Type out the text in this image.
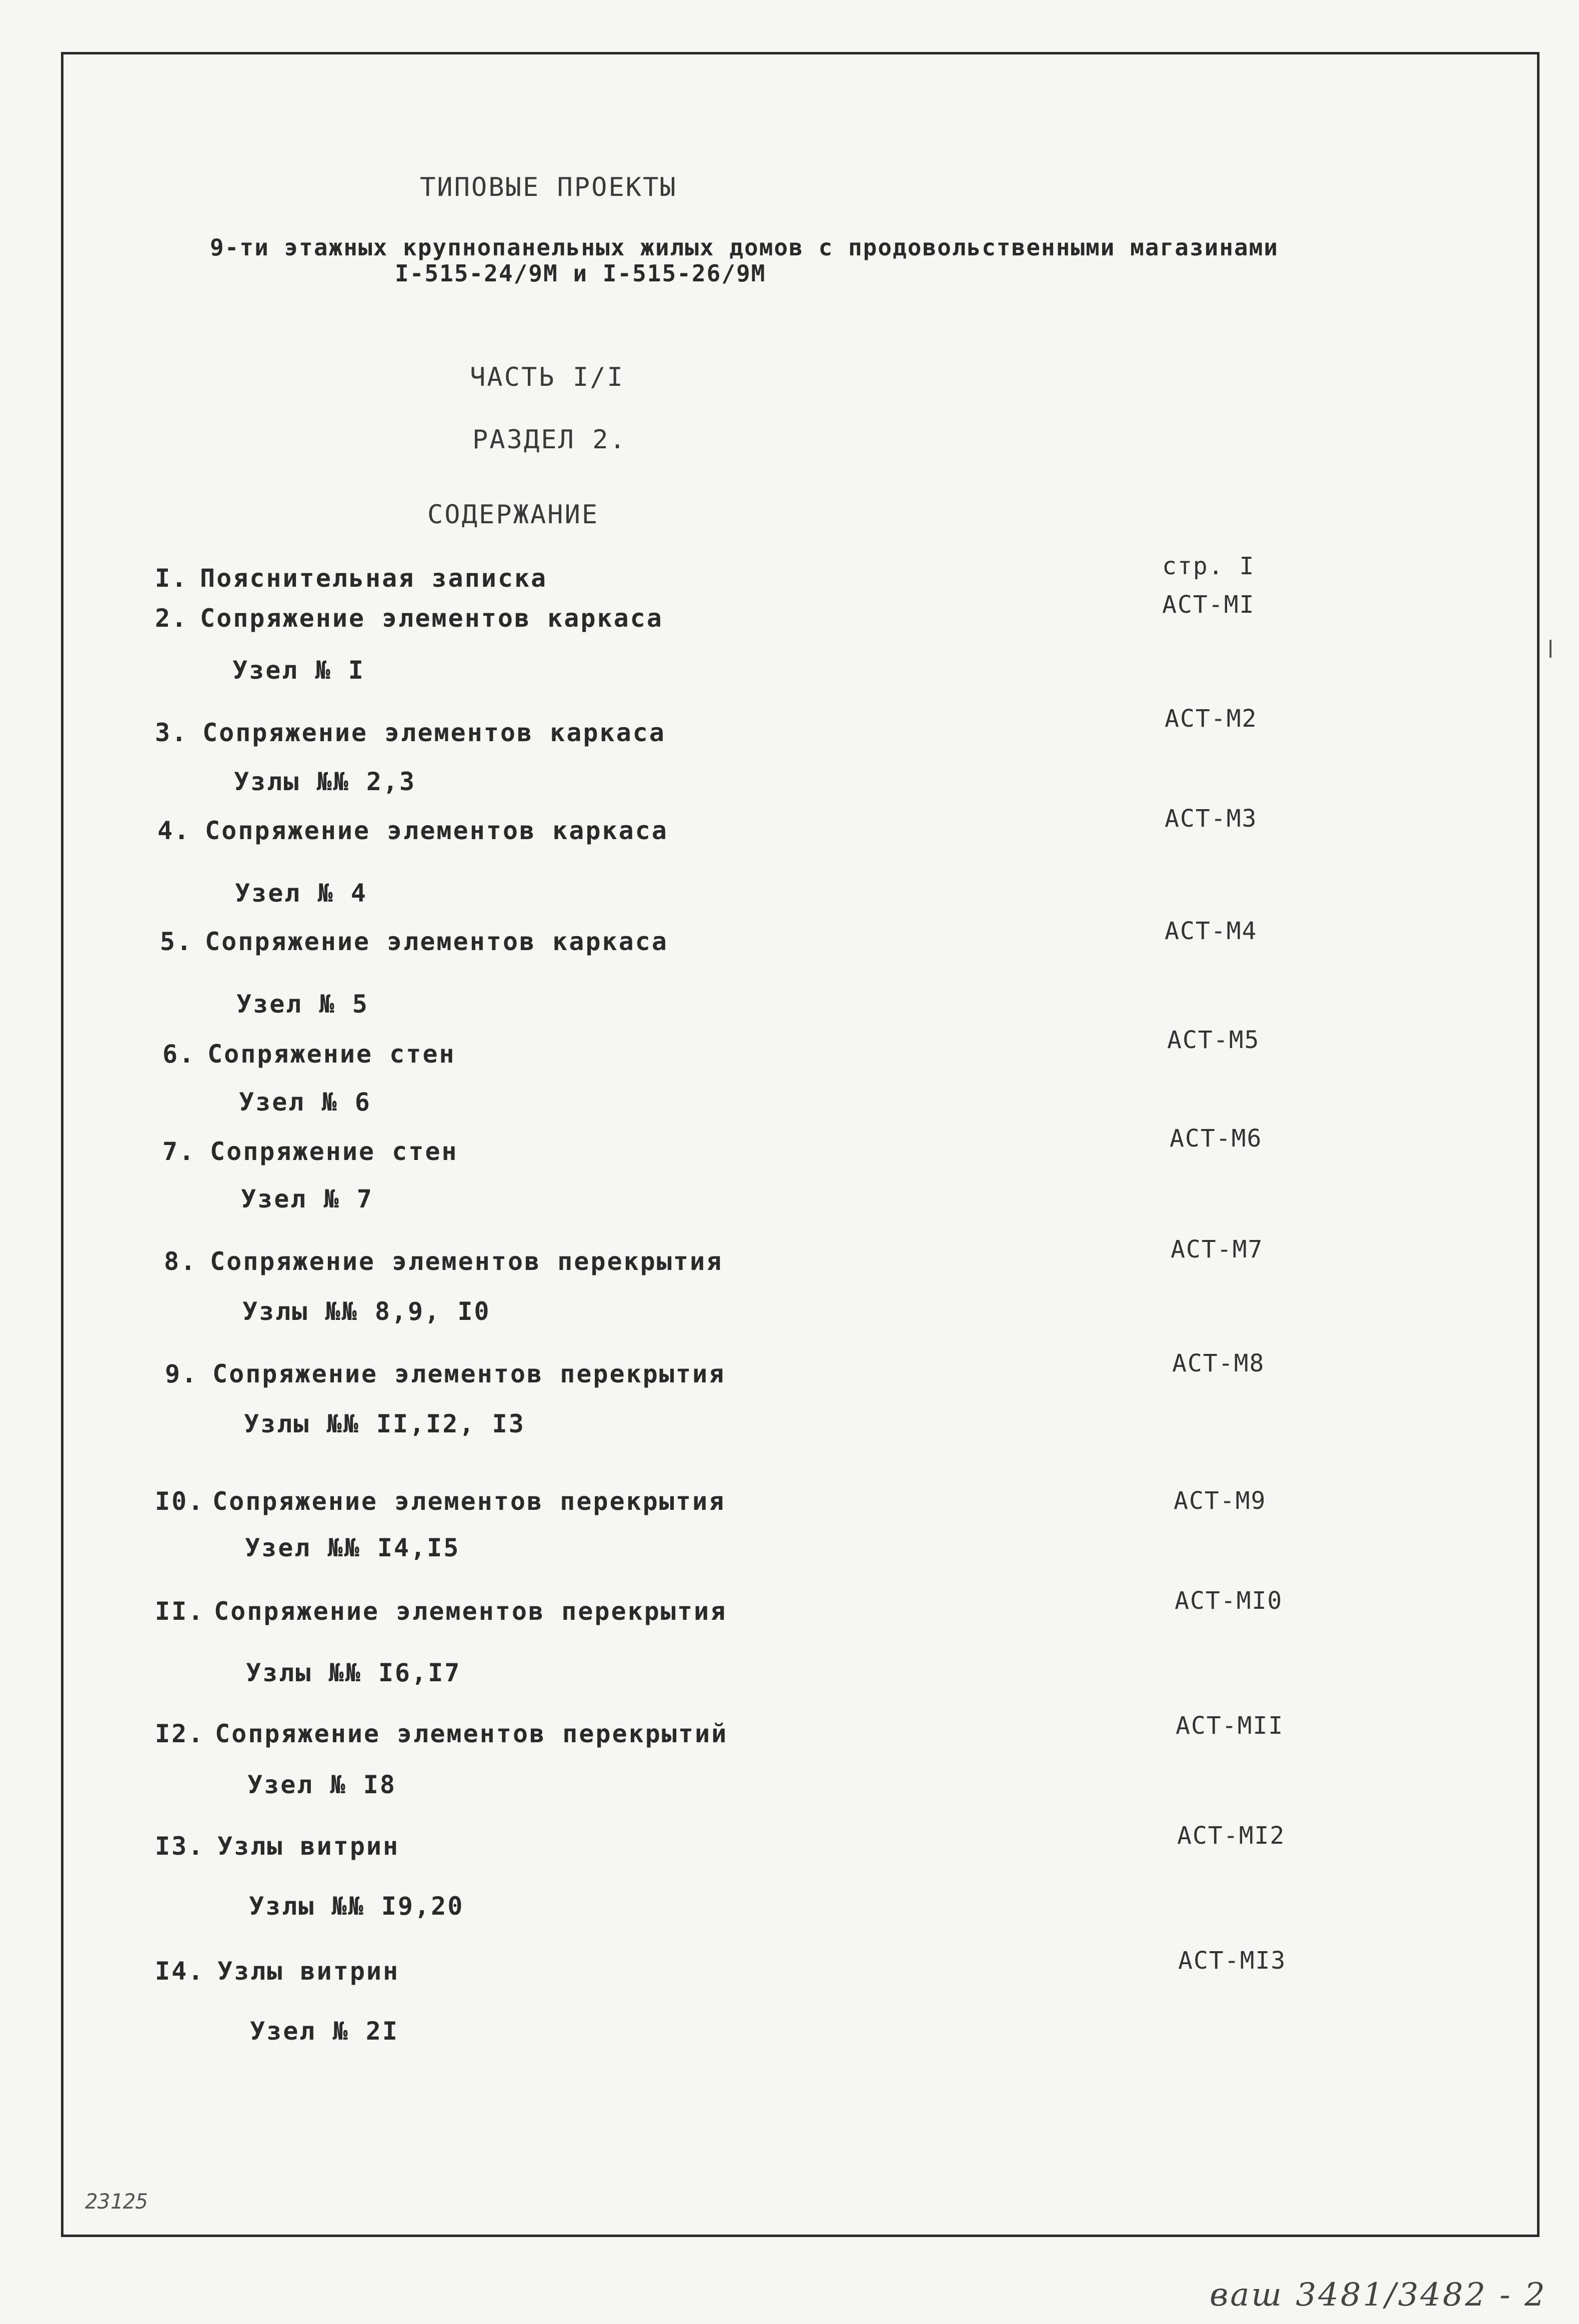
ТИПОВЫЕ ПРОЕКТЫ
9-ти этажных крупнопанельных жилых домов с продовольственными магазинами
I-515-24/9М и I-515-26/9М
ЧАСТЬ I/I
РАЗДЕЛ 2.
СОДЕРЖАНИЕ
I. Пояснительная записка	стр. I
АСТ-МI
2. Сопряжение элементов каркаса
Узел № I
3. Сопряжение элементов каркаса
Узлы №№ 2,3
АСТ-М2
4. Сопряжение элементов каркаса
Узел № 4
АСТ-М3
5. Сопряжение элементов каркаса
Узел № 5
АСТ-М4
6. Сопряжение стен
Узел № 6
АСТ-М5
7. Сопряжение стен
Узел № 7
АСТ-М6
8. Сопряжение элементов перекрытия
Узлы №№ 8,9, I0
АСТ-М7
9. Сопряжение элементов перекрытия
Узлы №№ II,I2, I3
АСТ-М8
I0. Сопряжение элементов перекрытия
Узел №№ I4,I5
АСТ-М9
II. Сопряжение элементов перекрытия
Узлы №№ I6,I7
АСТ-МI0
I2. Сопряжение элементов перекрытий
Узел № I8
АСТ-МII
I3. Узлы витрин
Узлы №№ I9,20
АСТ-МI2
I4. Узлы витрин
Узел № 2I
АСТ-МI3
23125
ваш 3481/3482 - 2
